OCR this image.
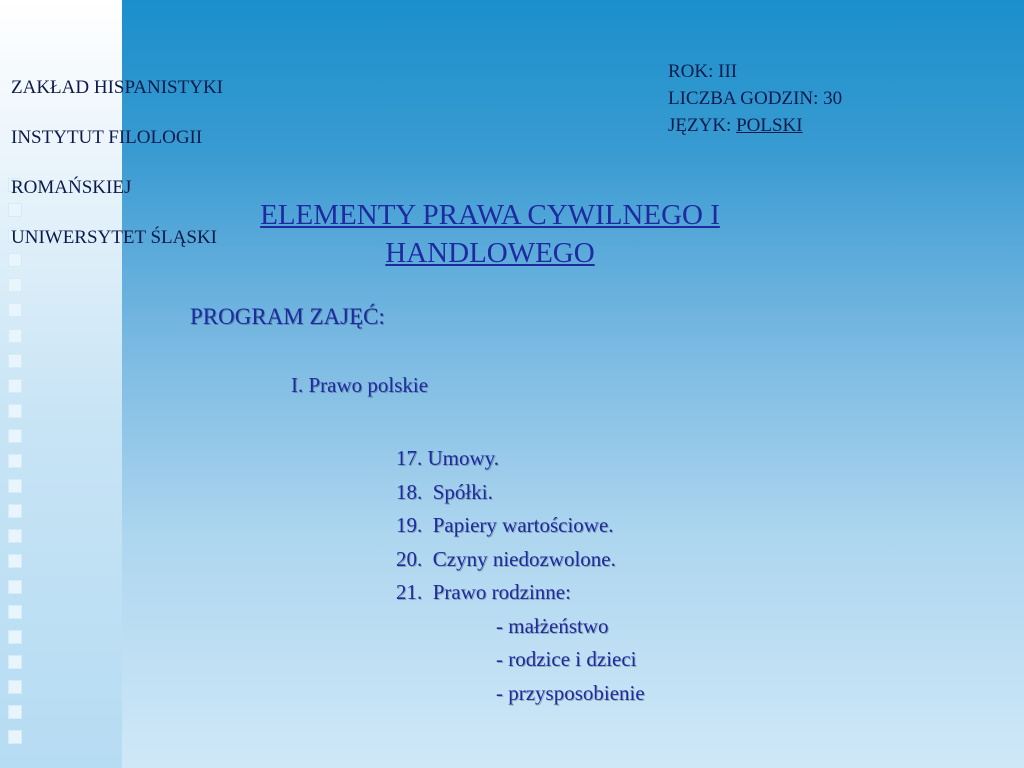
ZAKŁAD HISPANISTYKI

INSTYTUT FILOLOGII

ROMAŃSKIEJ

UNIWERSYTET ŚLĄSKI

ROK: III
LICZBA GODZIN: 30
JĘZYK: POLSKI
ELEMENTY PRAWA CYWILNEGO I
HANDLOWEGO
PROGRAM ZAJĘĆ:
I. Prawo polskie
17. Umowy.
18.  Spółki.
19.  Papiery wartościowe.
20.  Czyny niedozwolone.
21.  Prawo rodzinne:
- małżeństwo
- rodzice i dzieci
- przysposobienie
